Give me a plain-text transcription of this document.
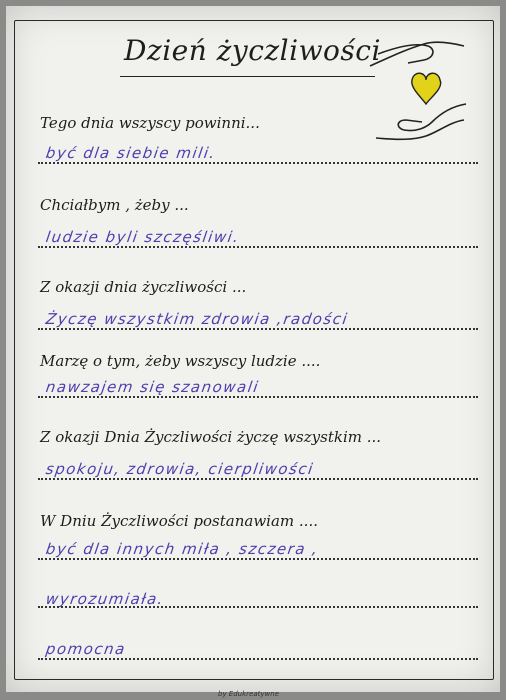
Dzień życzliwości
Tego dnia wszyscy powinni...
być dla siebie mili.
Chciałbym , żeby ...
ludzie byli szczęśliwi.
Z okazji dnia życzliwości ...
Życzę wszystkim zdrowia ,radości
Marzę o tym, żeby wszyscy ludzie ....
nawzajem się szanowali
Z okazji Dnia Życzliwości życzę wszystkim ...
spokoju, zdrowia, cierpliwości
W Dniu Życzliwości postanawiam ....
być dla innych miła , szczera ,
wyrozumiała.
pomocna
by Edukreatywne
